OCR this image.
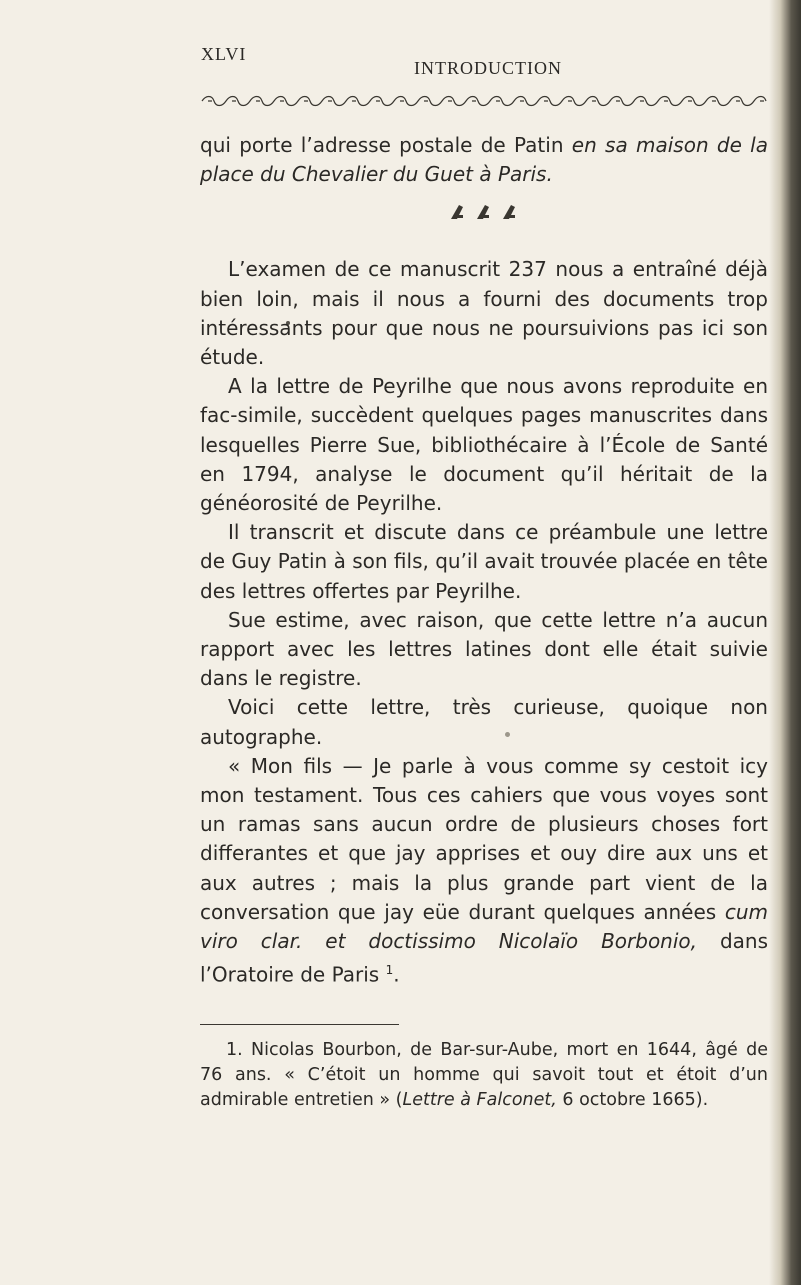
XLVI
INTRODUCTION

qui porte l’adresse postale de Patin en sa maison de la place du Chevalier du Guet à Paris.

L’examen de ce manuscrit 237 nous a entraîné déjà bien loin, mais il nous a fourni des documents trop intéressants pour que nous ne poursuivions pas ici son étude.

A la lettre de Peyrilhe que nous avons reproduite en fac-simile, succèdent quelques pages manuscrites dans lesquelles Pierre Sue, bibliothécaire à l’École de Santé en 1794, analyse le document qu’il héritait de la généorosité de Peyrilhe.

Il transcrit et discute dans ce préambule une lettre de Guy Patin à son fils, qu’il avait trouvée placée en tête des lettres offertes par Peyrilhe.

Sue estime, avec raison, que cette lettre n’a aucun rapport avec les lettres latines dont elle était suivie dans le registre.

Voici cette lettre, très curieuse, quoique non autographe.

« Mon fils — Je parle à vous comme sy cestoit icy mon testament. Tous ces cahiers que vous voyes sont un ramas sans aucun ordre de plusieurs choses fort differantes et que jay apprises et ouy dire aux uns et aux autres ; mais la plus grande part vient de la conversation que jay eüe durant quelques années cum viro clar. et doctissimo Nicolaïo Borbonio, dans l’Oratoire de Paris $^1$.

1. Nicolas Bourbon, de Bar-sur-Aube, mort en 1644, âgé de 76 ans. « C’étoit un homme qui savoit tout et étoit d’un admirable entretien » (Lettre à Falconet, 6 octobre 1665).
